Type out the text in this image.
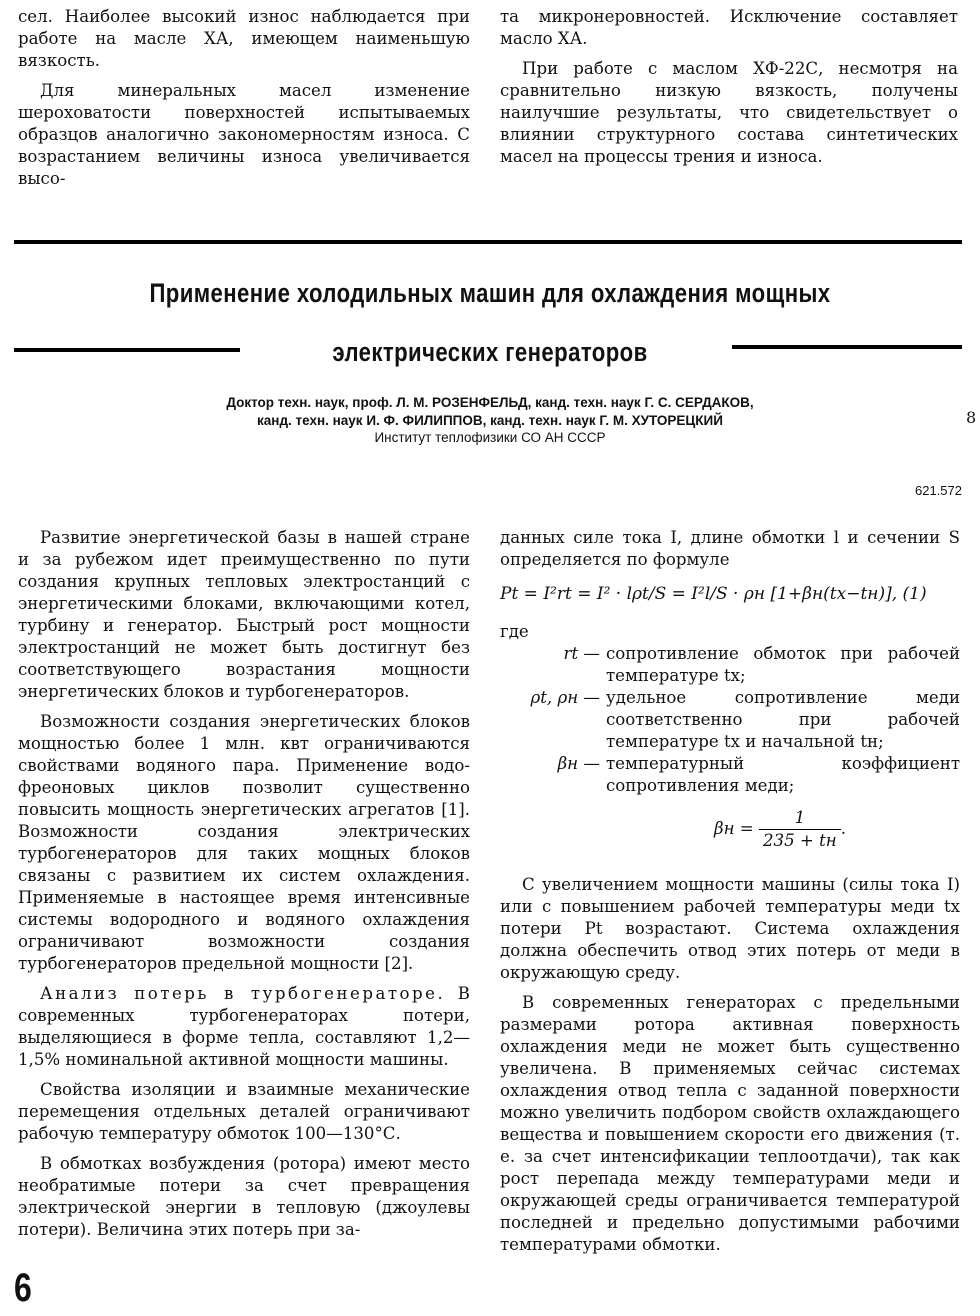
сел. Наиболее высокий износ наблюдается при работе на масле ХА, имеющем наименьшую вязкость.

Для минеральных масел изменение шероховатости поверхностей испытываемых образцов аналогично закономерностям износа. С возрастанием величины износа увеличивается высо-

та микронеровностей. Исключение составляет масло ХА.

При работе с маслом ХФ-22С, несмотря на сравнительно низкую вязкость, получены наилучшие результаты, что свидетельствует о влиянии структурного состава синтетических масел на процессы трения и износа.

Применение холодильных машин для охлаждения мощных
электрических генераторов
Доктор техн. наук, проф. Л. М. РОЗЕНФЕЛЬД, канд. техн. наук Г. С. СЕРДАКОВ,
канд. техн. наук И. Ф. ФИЛИППОВ, канд. техн. наук Г. М. ХУТОРЕЦКИЙ
Институт теплофизики СО АН СССР
8
621.572

Развитие энергетической базы в нашей стране и за рубежом идет преимущественно по пути создания крупных тепловых электростанций с энергетическими блоками, включающими котел, турбину и генератор. Быстрый рост мощности электростанций не может быть достигнут без соответствующего возрастания мощности энергетических блоков и турбогенераторов.

Возможности создания энергетических блоков мощностью более 1 млн. квт ограничиваются свойствами водяного пара. Применение водо-фреоновых циклов позволит существенно повысить мощность энергетических агрегатов [1]. Возможности создания электрических турбогенераторов для таких мощных блоков связаны с развитием их систем охлаждения. Применяемые в настоящее время интенсивные системы водородного и водяного охлаждения ограничивают возможности создания турбогенераторов предельной мощности [2].

Анализ потерь в турбогенераторе. В современных турбогенераторах потери, выделяющиеся в форме тепла, составляют 1,2—1,5% номинальной активной мощности машины.

Свойства изоляции и взаимные механические перемещения отдельных деталей ограничивают рабочую температуру обмоток 100—130°С.

В обмотках возбуждения (ротора) имеют место необратимые потери за счет превращения электрической энергии в тепловую (джоулевы потери). Величина этих потерь при за-

данных силе тока I, длине обмотки l и сечении S определяется по формуле

Pt = I²rt = I² · lρt/S = I²l/S · ρн [1+βн(tх−tн)], (1)
где
rt — сопротивление обмоток при рабочей температуре tх;
ρt, ρн — удельное сопротивление меди соответственно при рабочей температуре tх и начальной tн;
βн — температурный коэффициент сопротивления меди;
$\beta н = \frac{1}{235 + tн}$ .

С увеличением мощности машины (силы тока I) или с повышением рабочей температуры меди tх потери Pt возрастают. Система охлаждения должна обеспечить отвод этих потерь от меди в окружающую среду.

В современных генераторах с предельными размерами ротора активная поверхность охлаждения меди не может быть существенно увеличена. В применяемых сейчас системах охлаждения отвод тепла с заданной поверхности можно увеличить подбором свойств охлаждающего вещества и повышением скорости его движения (т. е. за счет интенсификации теплоотдачи), так как рост перепада между температурами меди и окружающей среды ограничивается температурой последней и предельно допустимыми рабочими температурами обмотки.

6
